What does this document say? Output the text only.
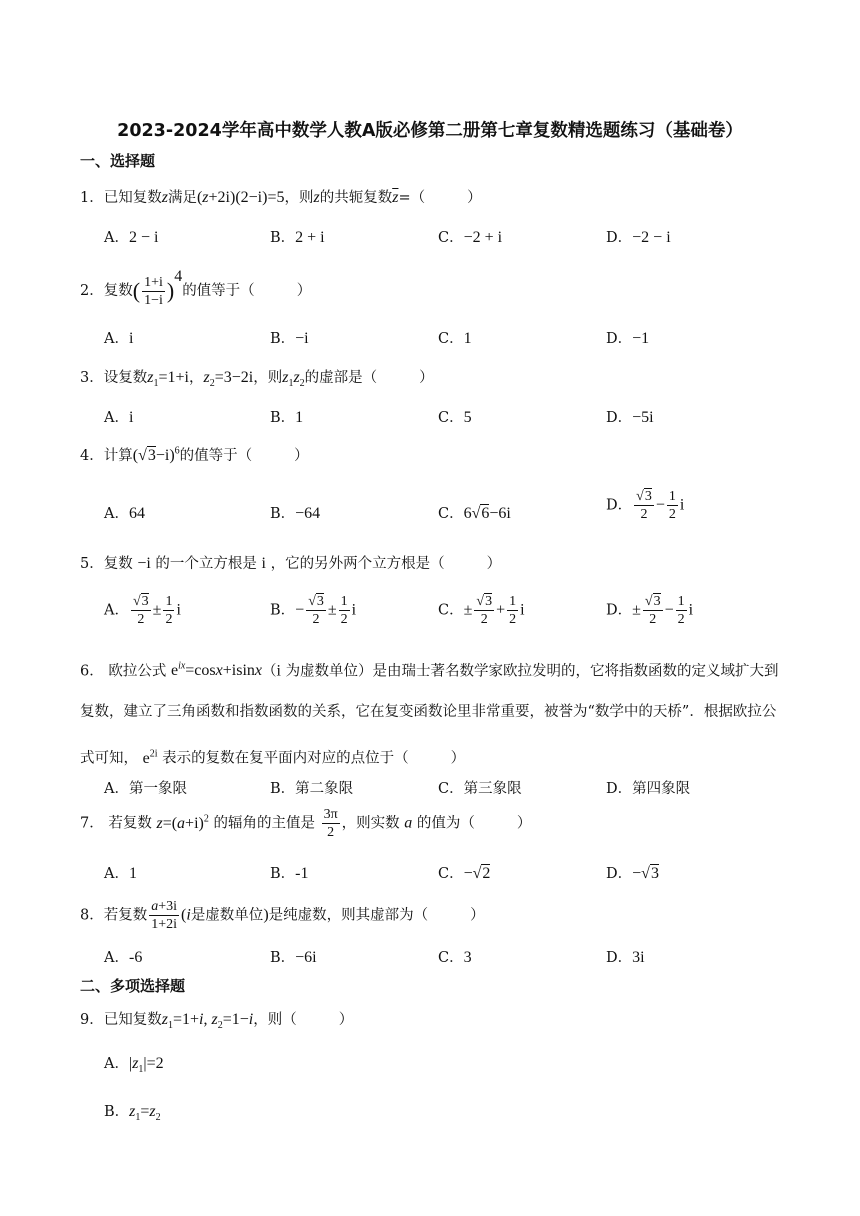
2023-2024学年高中数学人教A版必修第二册第七章复数精选题练习（基础卷）
一、选择题
1．已知复数z满足(z+2i)(2−i)=5，则z的共轭复数$\overline{z}=$（	）
A．2 − i	B．2 + i	C．−2 + i	D．−2 − i
2．复数( $\frac{1+i}{1-i} )^4$的值等于（	）
A．i	B．−i	C．1	D．−1
3．设复数$z_1=1+i$，$z_2=3-2i$，则$z_1z_2$的虚部是（	）
A．i	B．1	C．5	D．−5i
4．计算$(√3-i)^6$的值等于（	）
A．64	B．−64	C．6√6−6i	D． $\frac{√3}{2} - \frac{1}{2}$ i
5．复数 −i 的一个立方根是 i ，它的另外两个立方根是（	）
A． $\frac{√3}{2} \pm \frac{1}{2}$ i	B．− $\frac{√3}{2} \pm \frac{1}{2}$ i	C．± $\frac{√3}{2} + \frac{1}{2}$ i	D．± $\frac{√3}{2} - \frac{1}{2}$ i
6． 欧拉公式 $e^{ix}=\cos x+isinx(i$ 为虚数单位）是由瑞士著名数学家欧拉发明的，它将指数函数的定义域扩大到复数，建立了三角函数和指数函数的关系，它在复变函数论里非常重要，被誉为“数学中的天桥”．根据欧拉公式可知， $e^{2i}$ 表示的复数在复平面内对应的点位于（	）
A．第一象限	B．第二象限	C．第三象限	D．第四象限
7． 若复数 $z=(a+i)^2$ 的辐角的主值是 $\frac{3\pi}{2}$ ，则实数 a 的值为（	）
A．1	B．-1	C．−√2	D．−√3
8．若复数 $\frac{a+3i}{1+2i} (i$是虚数单位)是纯虚数，则其虚部为（	）
A．-6	B．−6i	C．3	D．3i
二、多项选择题
9．已知复数$z_1=1+i$, $z_2=1-i$，则（	）
A．$|z_1|=2$
B．$z_1=z_2$
